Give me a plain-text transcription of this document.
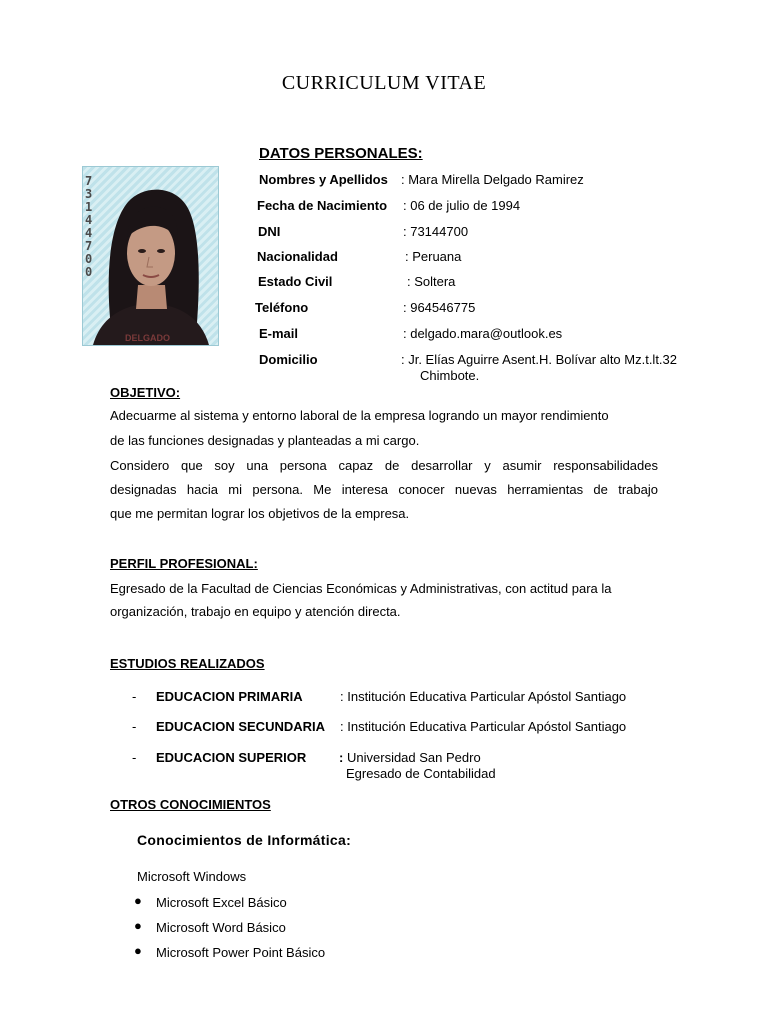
CURRICULUM VITAE
73144700
DELGADO
DATOS PERSONALES:
Nombres y Apellidos : Mara Mirella Delgado Ramirez
Fecha de Nacimiento : 06 de julio de 1994
DNI	: 73144700
Nacionalidad	: Peruana
Estado Civil	: Soltera
Teléfono	: 964546775
E-mail	: delgado.mara@outlook.es
Domicilio	: Jr. Elías Aguirre Asent.H. Bolívar alto Mz.t.lt.32
Chimbote.
OBJETIVO:
Adecuarme al sistema y entorno laboral de la empresa logrando un mayor rendimiento
de las funciones designadas y planteadas a mi cargo.
Considero que soy una persona capaz de desarrollar y asumir responsabilidades
designadas hacia mi persona. Me interesa conocer nuevas herramientas de trabajo
que me permitan lograr los objetivos de la empresa.
PERFIL PROFESIONAL:
Egresado de la Facultad de Ciencias Económicas y Administrativas, con actitud para la
organización, trabajo en equipo y atención directa.
ESTUDIOS REALIZADOS
- EDUCACION PRIMARIA	: Institución Educativa Particular Apóstol Santiago
- EDUCACION SECUNDARIA : Institución Educativa Particular Apóstol Santiago
- EDUCACION SUPERIOR	: Universidad San Pedro
Egresado de Contabilidad
OTROS CONOCIMIENTOS
Conocimientos de Informática:
Microsoft Windows
● Microsoft Excel Básico
● Microsoft Word Básico
● Microsoft Power Point Básico
